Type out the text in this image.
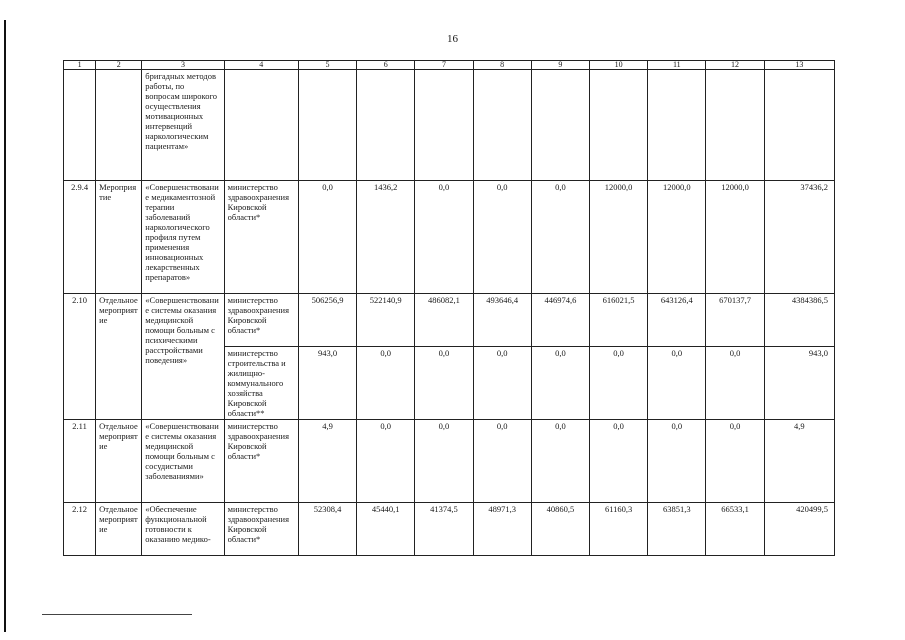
16
1	2	3	4	5	6	7	8	9	10	11	12	13
		бригадных методов работы, по вопросам широкого осуществления мотивационных интервенций наркологическим пациентам»										
2.9.4	Мероприятие	«Совершенствование медикаментозной терапии заболеваний наркологического профиля путем применения инновационных лекарственных препаратов»	министерство здравоохранения Кировской области*	0,0	1436,2	0,0	0,0	0,0	12000,0	12000,0	12000,0	37436,2
2.10	Отдельное мероприятие	«Совершенствование системы оказания медицинской помощи больным с психическими расстройствами поведения»	министерство здравоохранения Кировской области*	506256,9	522140,9	486082,1	493646,4	446974,6	616021,5	643126,4	670137,7	4384386,5
			министерство строительства и жилищно-коммунального хозяйства Кировской области**	943,0	0,0	0,0	0,0	0,0	0,0	0,0	0,0	943,0
2.11	Отдельное мероприятие	«Совершенствование системы оказания медицинской помощи больным с сосудистыми заболеваниями»	министерство здравоохранения Кировской области*	4,9	0,0	0,0	0,0	0,0	0,0	0,0	0,0	4,9
2.12	Отдельное мероприятие	«Обеспечение функциональной готовности к оказанию медико-	министерство здравоохранения Кировской области*	52308,4	45440,1	41374,5	48971,3	40860,5	61160,3	63851,3	66533,1	420499,5
